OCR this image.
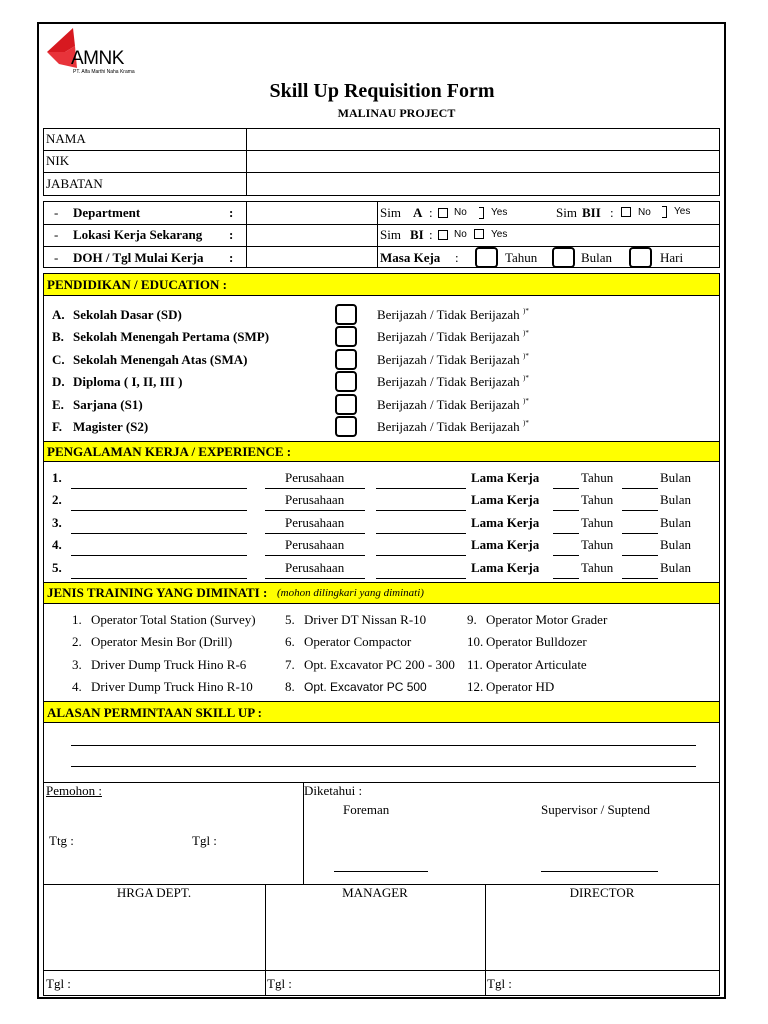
AMNK
PT. Alfa Marthi Naha Krama
Skill Up Requisition Form
MALINAU PROJECT
NAMA
NIK
JABATAN
- Department	:
- Lokasi Kerja Sekarang :
- DOH / Tgl Mulai Kerja :
Sim A : No Yes	Sim BII : No Yes
Sim BI : No Yes
Masa Keja :	Tahun	Bulan	Hari
PENDIDIKAN / EDUCATION :
A. Sekolah Dasar (SD)	Berijazah / Tidak Berijazah )*
B. Sekolah Menengah Pertama (SMP)	Berijazah / Tidak Berijazah )*
C. Sekolah Menengah Atas (SMA)	Berijazah / Tidak Berijazah )*
D. Diploma ( I, II, III )	Berijazah / Tidak Berijazah )*
E. Sarjana (S1)	Berijazah / Tidak Berijazah )*
F. Magister (S2)	Berijazah / Tidak Berijazah )*
PENGALAMAN KERJA / EXPERIENCE :
1.	Perusahaan	Lama Kerja	Tahun	Bulan
2.	Perusahaan	Lama Kerja	Tahun	Bulan
3.	Perusahaan	Lama Kerja	Tahun	Bulan
4.	Perusahaan	Lama Kerja	Tahun	Bulan
5.	Perusahaan	Lama Kerja	Tahun	Bulan
JENIS TRAINING YANG DIMINATI : (mohon dilingkari yang diminati)
1. Operator Total Station (Survey)
2. Operator Mesin Bor (Drill)
3. Driver Dump Truck Hino R-6
4. Driver Dump Truck Hino R-10
5. Driver DT Nissan R-10
6. Operator Compactor
7. Opt. Excavator PC 200 - 300
8. Opt. Excavator PC 500
9. Operator Motor Grader
10. Operator Bulldozer
11. Operator Articulate
12. Operator HD
ALASAN PERMINTAAN SKILL UP :
Pemohon :
Ttg :	Tgl :
Diketahui :
Foreman	Supervisor / Suptend
HRGA DEPT.	MANAGER	DIRECTOR
Tgl :	Tgl :	Tgl :
